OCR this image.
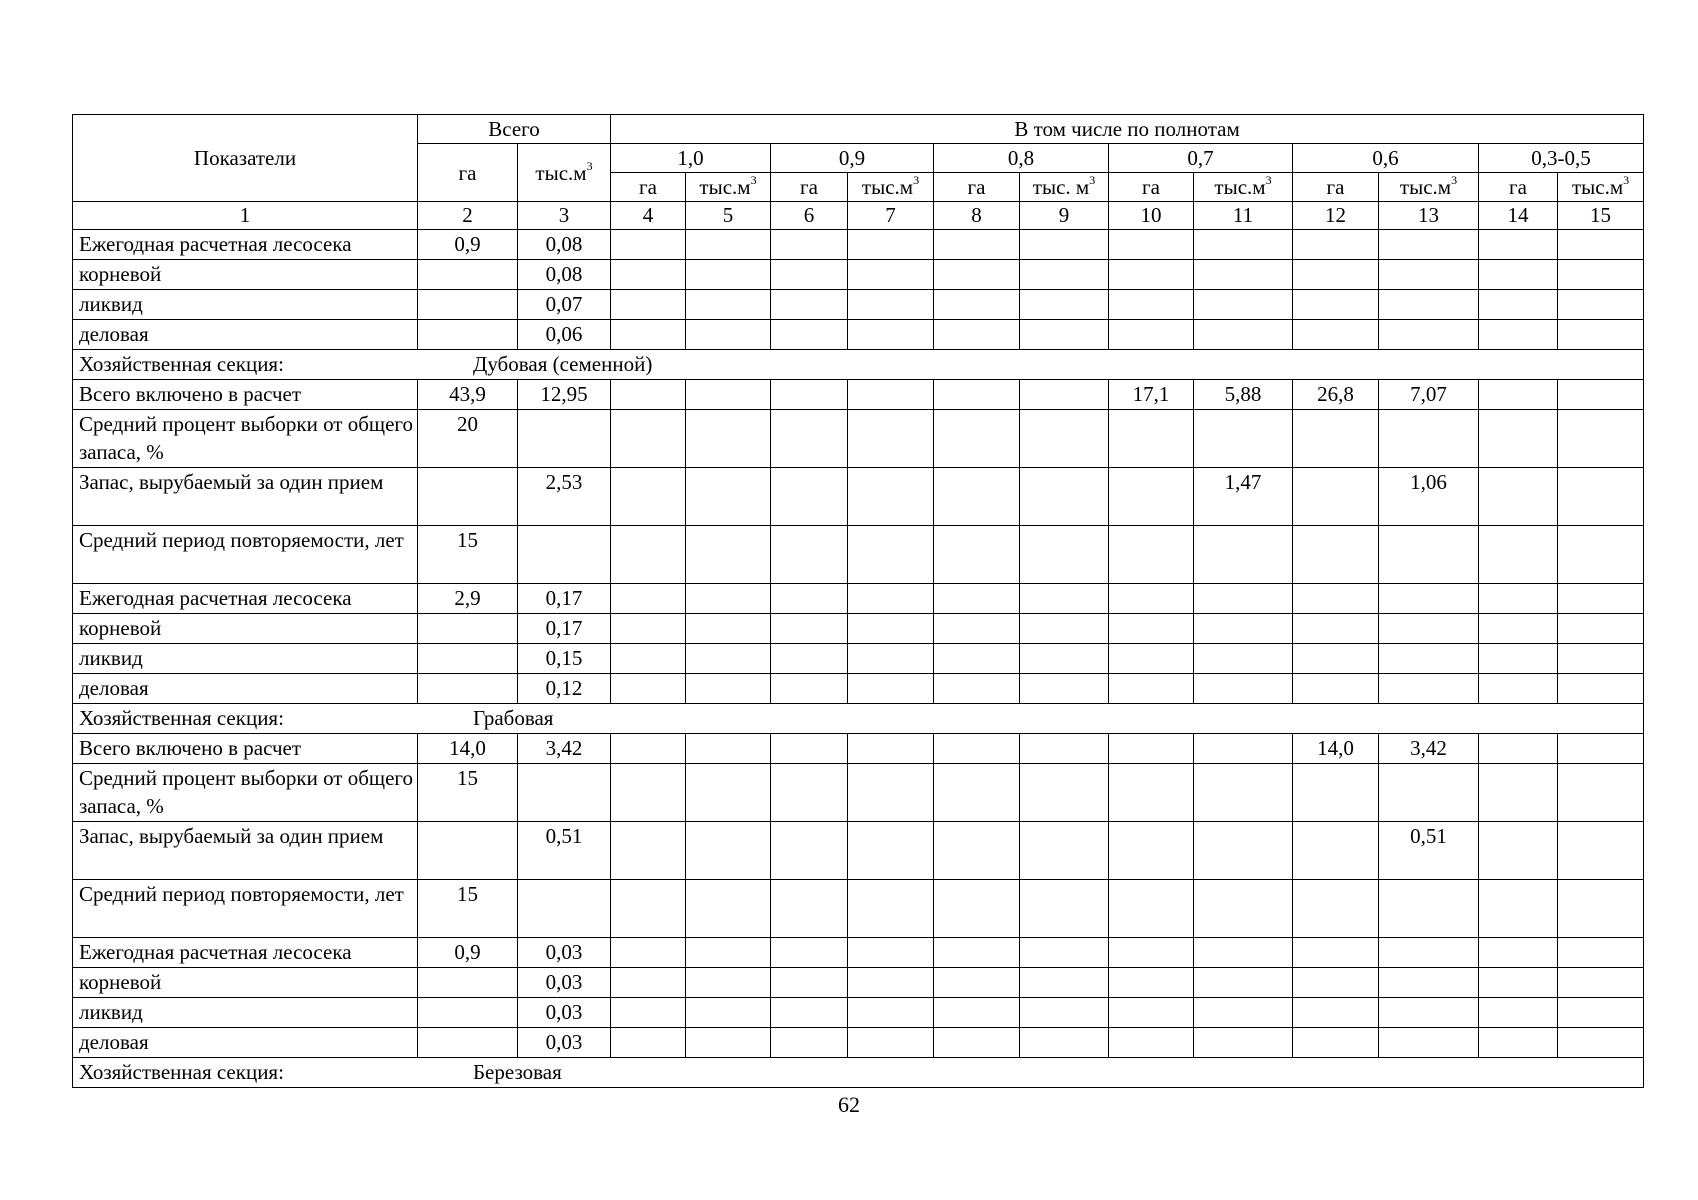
Показатели	Всего		В том числе по полнотам											
	га	$тыс.м^3$	1,0		0,9		0,8		0,7		0,6		0,3-0,5	
			га	$тыс.м^3$	га	$тыс.м^3$	га	тыс. $м^3$	га	$тыс.м^3$	га	$тыс.м^3$	га	$тыс.м^3$
1	2	3	4	5	6	7	8	9	10	11	12	13	14	15
Ежегодная расчетная лесосека	0,9	0,08												
корневой		0,08												
ликвид		0,07												
деловая		0,06												
Хозяйственная секция: Дубовая (семенной)														
Всего включено в расчет	43,9	12,95							17,1	5,88	26,8	7,07		
Средний процент выборки от общего запаса, %	20													
Запас, вырубаемый за один прием		2,53								1,47		1,06		
Средний период повторяемости, лет	15													
Ежегодная расчетная лесосека	2,9	0,17												
корневой		0,17												
ликвид		0,15												
деловая		0,12												
Хозяйственная секция: Грабовая														
Всего включено в расчет	14,0	3,42									14,0	3,42		
Средний процент выборки от общего запаса, %	15													
Запас, вырубаемый за один прием		0,51										0,51		
Средний период повторяемости, лет	15													
Ежегодная расчетная лесосека	0,9	0,03												
корневой		0,03												
ликвид		0,03												
деловая		0,03												
Хозяйственная секция: Березовая														
62
